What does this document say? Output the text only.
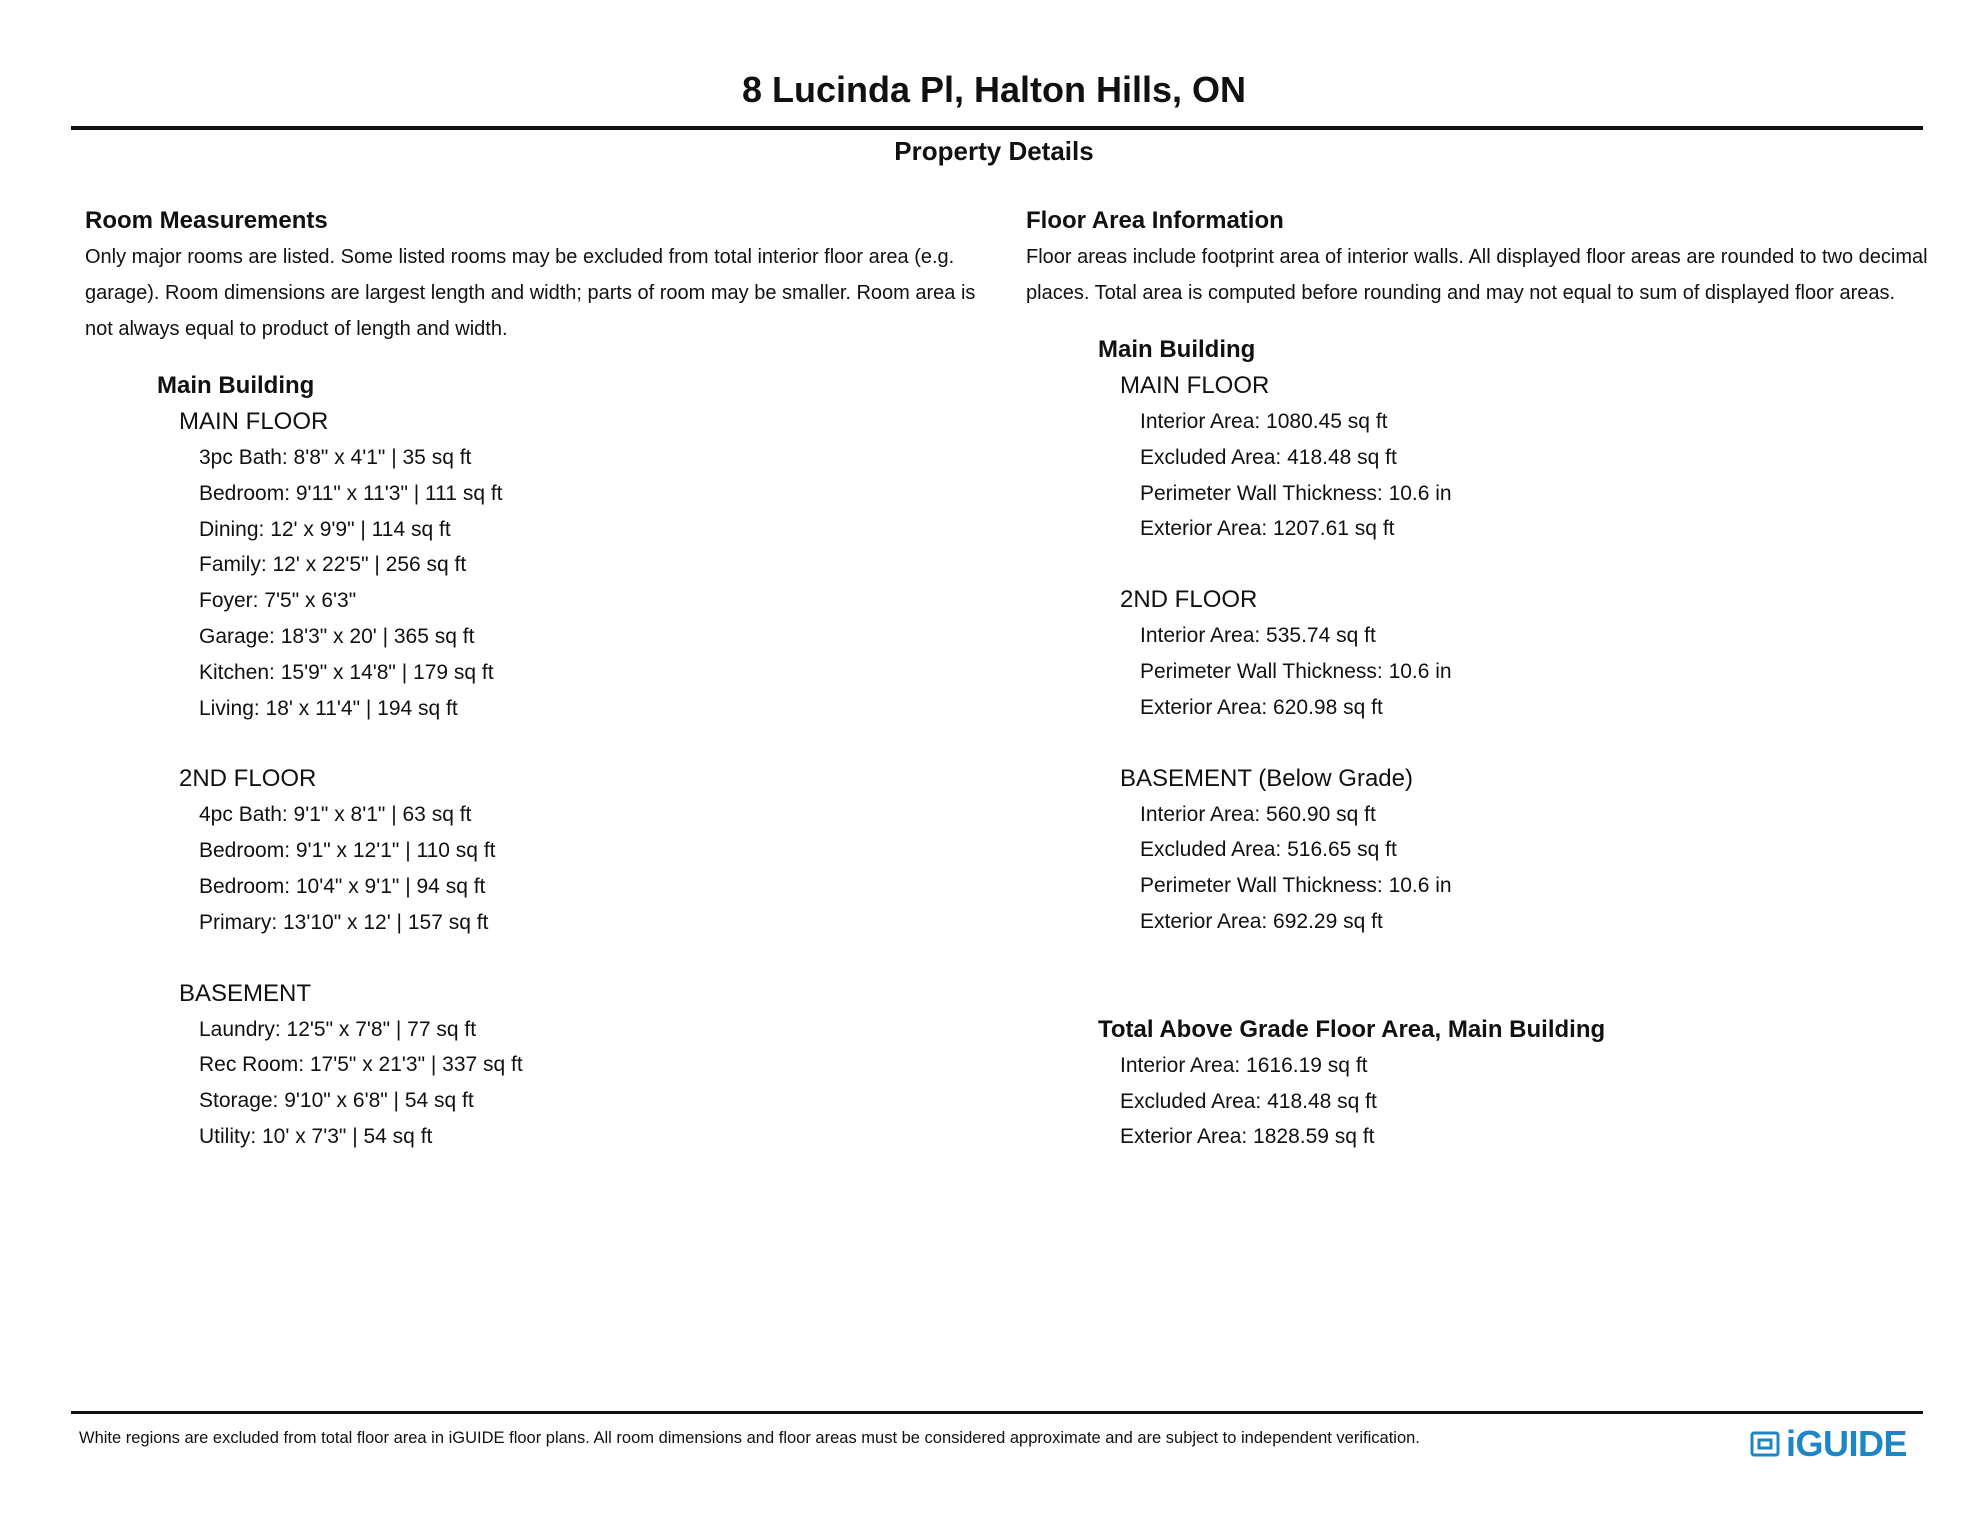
8 Lucinda Pl, Halton Hills, ON
Property Details
Room Measurements
Only major rooms are listed. Some listed rooms may be excluded from total interior floor area (e.g. garage). Room dimensions are largest length and width; parts of room may be smaller. Room area is not always equal to product of length and width.
Main Building
MAIN FLOOR
3pc Bath: 8'8" x 4'1" | 35 sq ft
Bedroom: 9'11" x 11'3" | 111 sq ft
Dining: 12' x 9'9" | 114 sq ft
Family: 12' x 22'5" | 256 sq ft
Foyer: 7'5" x 6'3"
Garage: 18'3" x 20' | 365 sq ft
Kitchen: 15'9" x 14'8" | 179 sq ft
Living: 18' x 11'4" | 194 sq ft
2ND FLOOR
4pc Bath: 9'1" x 8'1" | 63 sq ft
Bedroom: 9'1" x 12'1" | 110 sq ft
Bedroom: 10'4" x 9'1" | 94 sq ft
Primary: 13'10" x 12' | 157 sq ft
BASEMENT
Laundry: 12'5" x 7'8" | 77 sq ft
Rec Room: 17'5" x 21'3" | 337 sq ft
Storage: 9'10" x 6'8" | 54 sq ft
Utility: 10' x 7'3" | 54 sq ft
Floor Area Information
Floor areas include footprint area of interior walls. All displayed floor areas are rounded to two decimal places. Total area is computed before rounding and may not equal to sum of displayed floor areas.
Main Building
MAIN FLOOR
Interior Area: 1080.45 sq ft
Excluded Area: 418.48 sq ft
Perimeter Wall Thickness: 10.6 in
Exterior Area: 1207.61 sq ft
2ND FLOOR
Interior Area: 535.74 sq ft
Perimeter Wall Thickness: 10.6 in
Exterior Area: 620.98 sq ft
BASEMENT (Below Grade)
Interior Area: 560.90 sq ft
Excluded Area: 516.65 sq ft
Perimeter Wall Thickness: 10.6 in
Exterior Area: 692.29 sq ft
Total Above Grade Floor Area, Main Building
Interior Area: 1616.19 sq ft
Excluded Area: 418.48 sq ft
Exterior Area: 1828.59 sq ft
White regions are excluded from total floor area in iGUIDE floor plans. All room dimensions and floor areas must be considered approximate and are subject to independent verification.	iGUIDE
